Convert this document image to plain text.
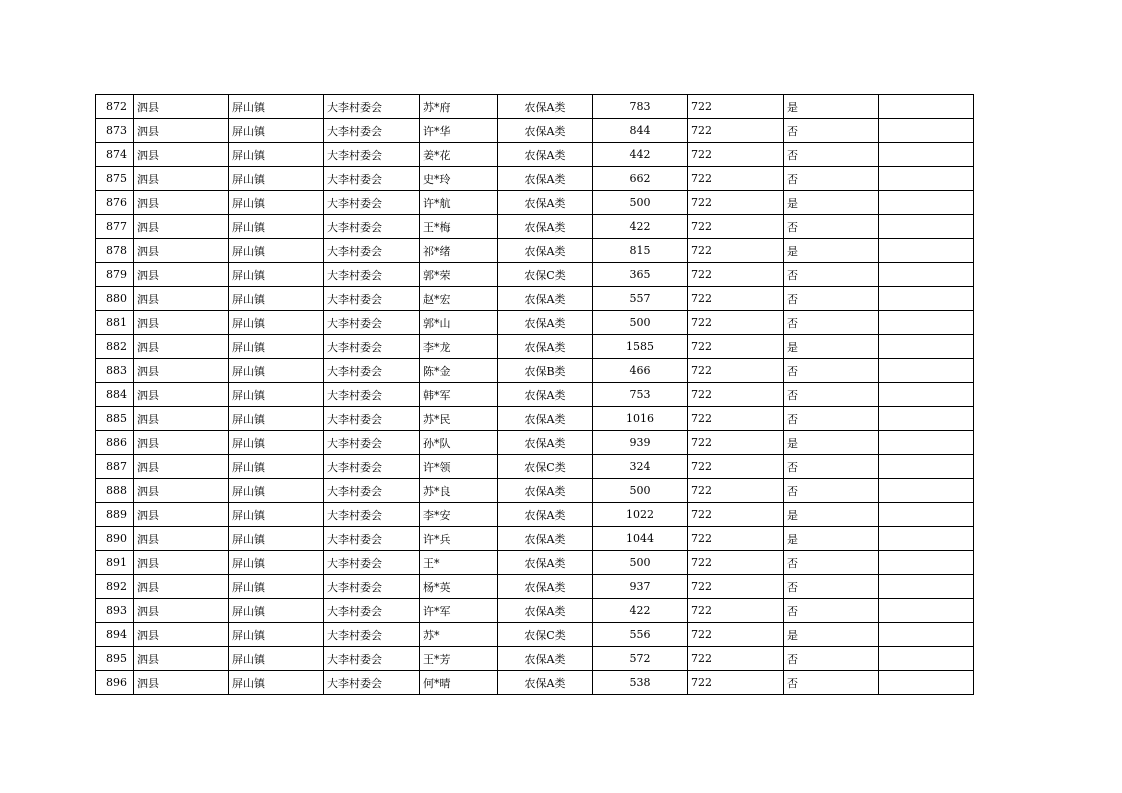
872	泗县	屏山镇	大李村委会	苏*府	农保A类	783	722	是	
873	泗县	屏山镇	大李村委会	许*华	农保A类	844	722	否	
874	泗县	屏山镇	大李村委会	姜*花	农保A类	442	722	否	
875	泗县	屏山镇	大李村委会	史*玲	农保A类	662	722	否	
876	泗县	屏山镇	大李村委会	许*航	农保A类	500	722	是	
877	泗县	屏山镇	大李村委会	王*梅	农保A类	422	722	否	
878	泗县	屏山镇	大李村委会	祁*绪	农保A类	815	722	是	
879	泗县	屏山镇	大李村委会	郭*荣	农保C类	365	722	否	
880	泗县	屏山镇	大李村委会	赵*宏	农保A类	557	722	否	
881	泗县	屏山镇	大李村委会	郭*山	农保A类	500	722	否	
882	泗县	屏山镇	大李村委会	李*龙	农保A类	1585	722	是	
883	泗县	屏山镇	大李村委会	陈*金	农保B类	466	722	否	
884	泗县	屏山镇	大李村委会	韩*军	农保A类	753	722	否	
885	泗县	屏山镇	大李村委会	苏*民	农保A类	1016	722	否	
886	泗县	屏山镇	大李村委会	孙*队	农保A类	939	722	是	
887	泗县	屏山镇	大李村委会	许*领	农保C类	324	722	否	
888	泗县	屏山镇	大李村委会	苏*良	农保A类	500	722	否	
889	泗县	屏山镇	大李村委会	李*安	农保A类	1022	722	是	
890	泗县	屏山镇	大李村委会	许*兵	农保A类	1044	722	是	
891	泗县	屏山镇	大李村委会	王*	农保A类	500	722	否	
892	泗县	屏山镇	大李村委会	杨*英	农保A类	937	722	否	
893	泗县	屏山镇	大李村委会	许*军	农保A类	422	722	否	
894	泗县	屏山镇	大李村委会	苏*	农保C类	556	722	是	
895	泗县	屏山镇	大李村委会	王*芳	农保A类	572	722	否	
896	泗县	屏山镇	大李村委会	何*晴	农保A类	538	722	否	
